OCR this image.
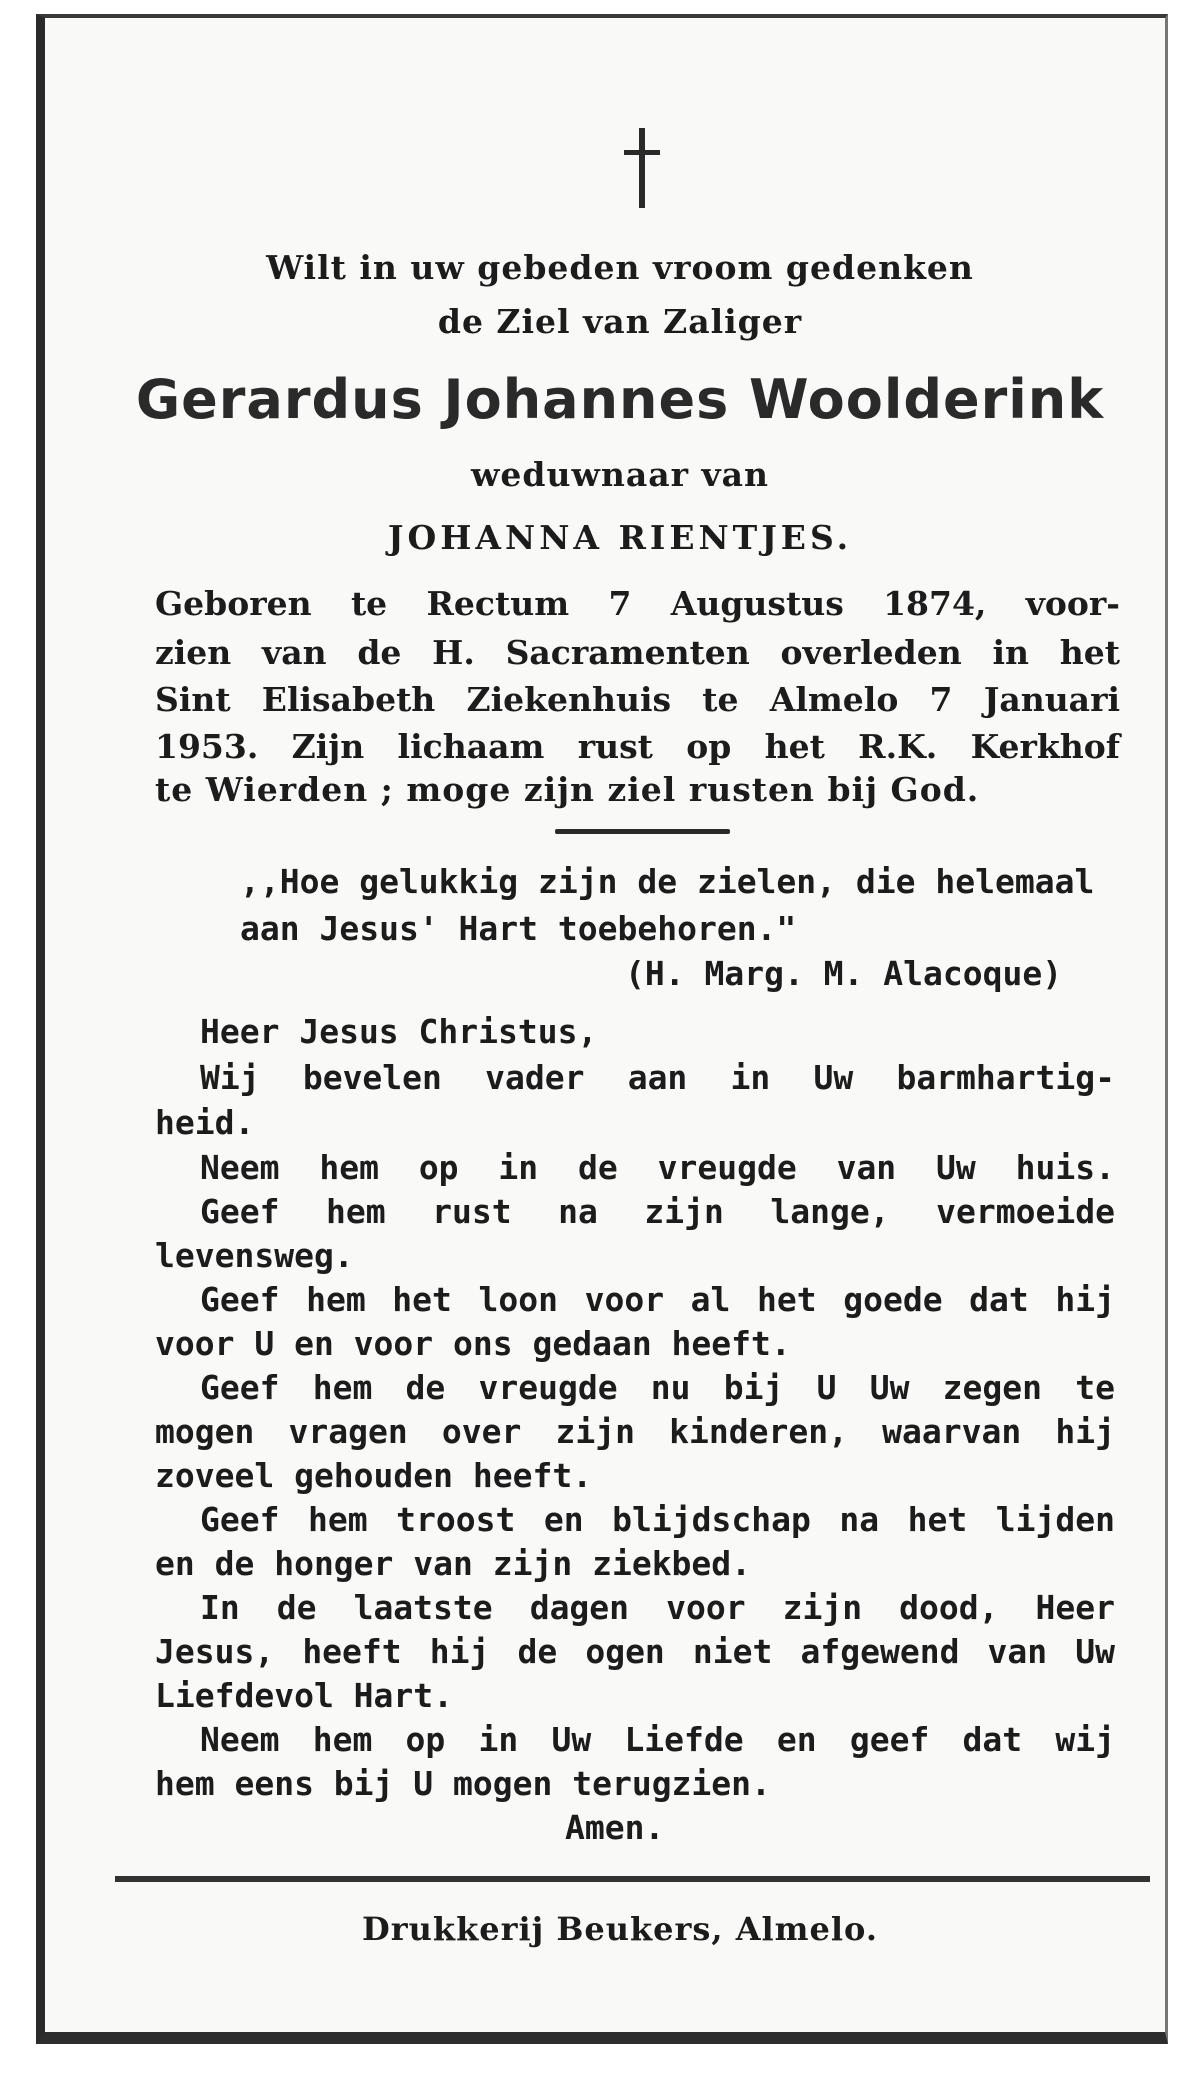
Wilt in uw gebeden vroom gedenken
de Ziel van Zaliger
Gerardus Johannes Woolderink
weduwnaar van
JOHANNA RIENTJES.
Geboren te Rectum 7 Augustus 1874, voor-
zien van de H. Sacramenten overleden in het
Sint Elisabeth Ziekenhuis te Almelo 7 Januari
1953. Zijn lichaam rust op het R.K. Kerkhof
te Wierden ; moge zijn ziel rusten bij God.
,,Hoe gelukkig zijn de zielen, die helemaal
aan Jesus' Hart toebehoren."
(H. Marg. M. Alacoque)
Heer Jesus Christus,
Wij bevelen vader aan in Uw barmhartig-
heid.
Neem hem op in de vreugde van Uw huis.
Geef hem rust na zijn lange, vermoeide
levensweg.
Geef hem het loon voor al het goede dat hij
voor U en voor ons gedaan heeft.
Geef hem de vreugde nu bij U Uw zegen te
mogen vragen over zijn kinderen, waarvan hij
zoveel gehouden heeft.
Geef hem troost en blijdschap na het lijden
en de honger van zijn ziekbed.
In de laatste dagen voor zijn dood, Heer
Jesus, heeft hij de ogen niet afgewend van Uw
Liefdevol Hart.
Neem hem op in Uw Liefde en geef dat wij
hem eens bij U mogen terugzien.
Amen.
Drukkerij Beukers, Almelo.
